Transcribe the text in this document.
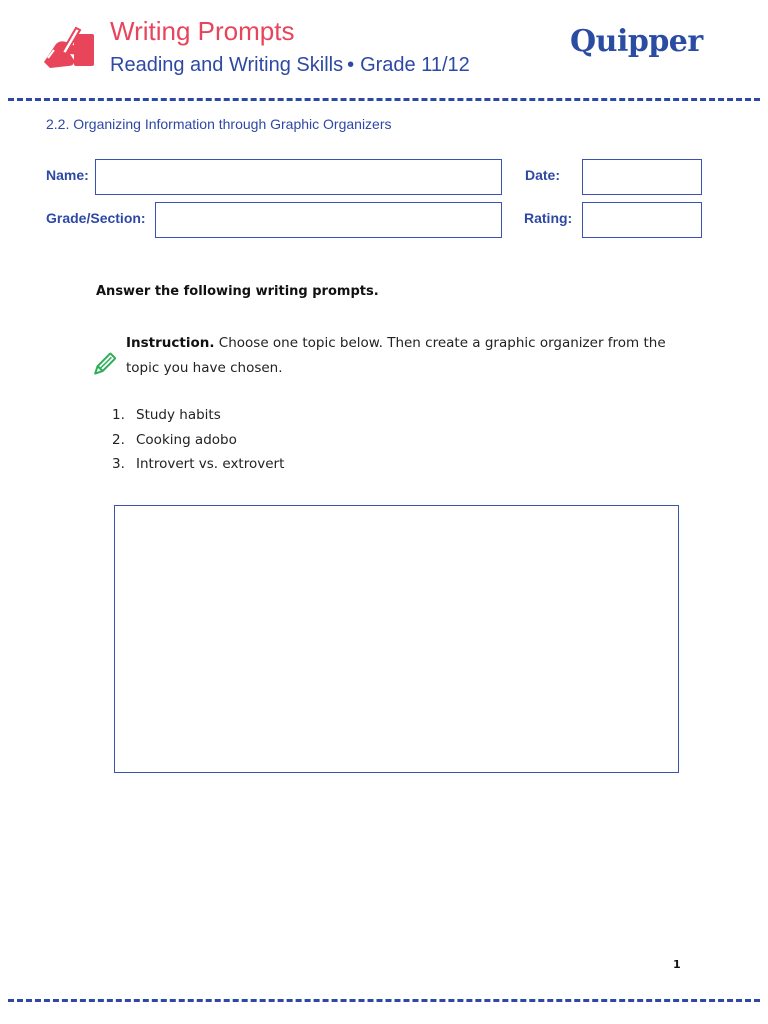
Writing Prompts
Reading and Writing Skills • Grade 11/12
Quipper
2.2. Organizing Information through Graphic Organizers
Name:	Date:
Grade/Section:	Rating:
Answer the following writing prompts.
Instruction. Choose one topic below. Then create a graphic organizer from the topic you have chosen.
1. Study habits
2. Cooking adobo
3. Introvert vs. extrovert
1
